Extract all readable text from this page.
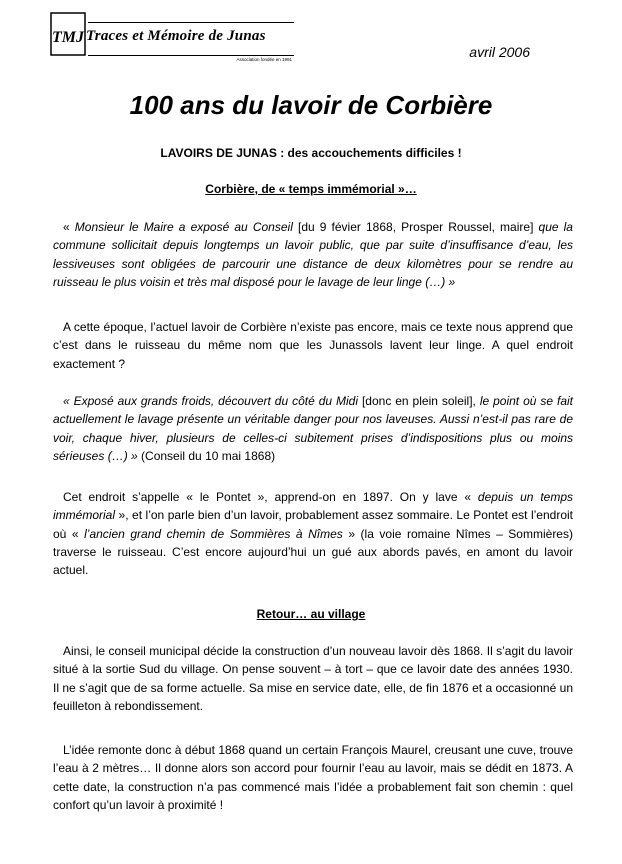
TMJ Traces et Mémoire de Junas
Association fondée en 1991	avril 2006
100 ans du lavoir de Corbière
LAVOIRS DE JUNAS : des accouchements difficiles !
Corbière, de « temps immémorial »…
« Monsieur le Maire a exposé au Conseil [du 9 févier 1868, Prosper Roussel, maire] que la commune sollicitait depuis longtemps un lavoir public, que par suite d’insuffisance d’eau, les lessiveuses sont obligées de parcourir une distance de deux kilomètres pour se rendre au ruisseau le plus voisin et très mal disposé pour le lavage de leur linge (…) »
A cette époque, l’actuel lavoir de Corbière n’existe pas encore, mais ce texte nous apprend que c’est dans le ruisseau du même nom que les Junassols lavent leur linge. A quel endroit exactement ?
« Exposé aux grands froids, découvert du côté du Midi [donc en plein soleil], le point où se fait actuellement le lavage présente un véritable danger pour nos laveuses. Aussi n’est-il pas rare de voir, chaque hiver, plusieurs de celles-ci subitement prises d’indispositions plus ou moins sérieuses (…) » (Conseil du 10 mai 1868)
Cet endroit s’appelle « le Pontet », apprend-on en 1897. On y lave « depuis un temps immémorial », et l’on parle bien d’un lavoir, probablement assez sommaire. Le Pontet est l’endroit où « l’ancien grand chemin de Sommières à Nîmes » (la voie romaine Nîmes – Sommières) traverse le ruisseau. C’est encore aujourd’hui un gué aux abords pavés, en amont du lavoir actuel.
Retour… au village
Ainsi, le conseil municipal décide la construction d’un nouveau lavoir dès 1868. Il s’agit du lavoir situé à la sortie Sud du village. On pense souvent – à tort – que ce lavoir date des années 1930. Il ne s’agit que de sa forme actuelle. Sa mise en service date, elle, de fin 1876 et a occasionné un feuilleton à rebondissement.
L’idée remonte donc à début 1868 quand un certain François Maurel, creusant une cuve, trouve l’eau à 2 mètres… Il donne alors son accord pour fournir l’eau au lavoir, mais se dédit en 1873. A cette date, la construction n’a pas commencé mais l’idée a probablement fait son chemin : quel confort qu’un lavoir à proximité !
